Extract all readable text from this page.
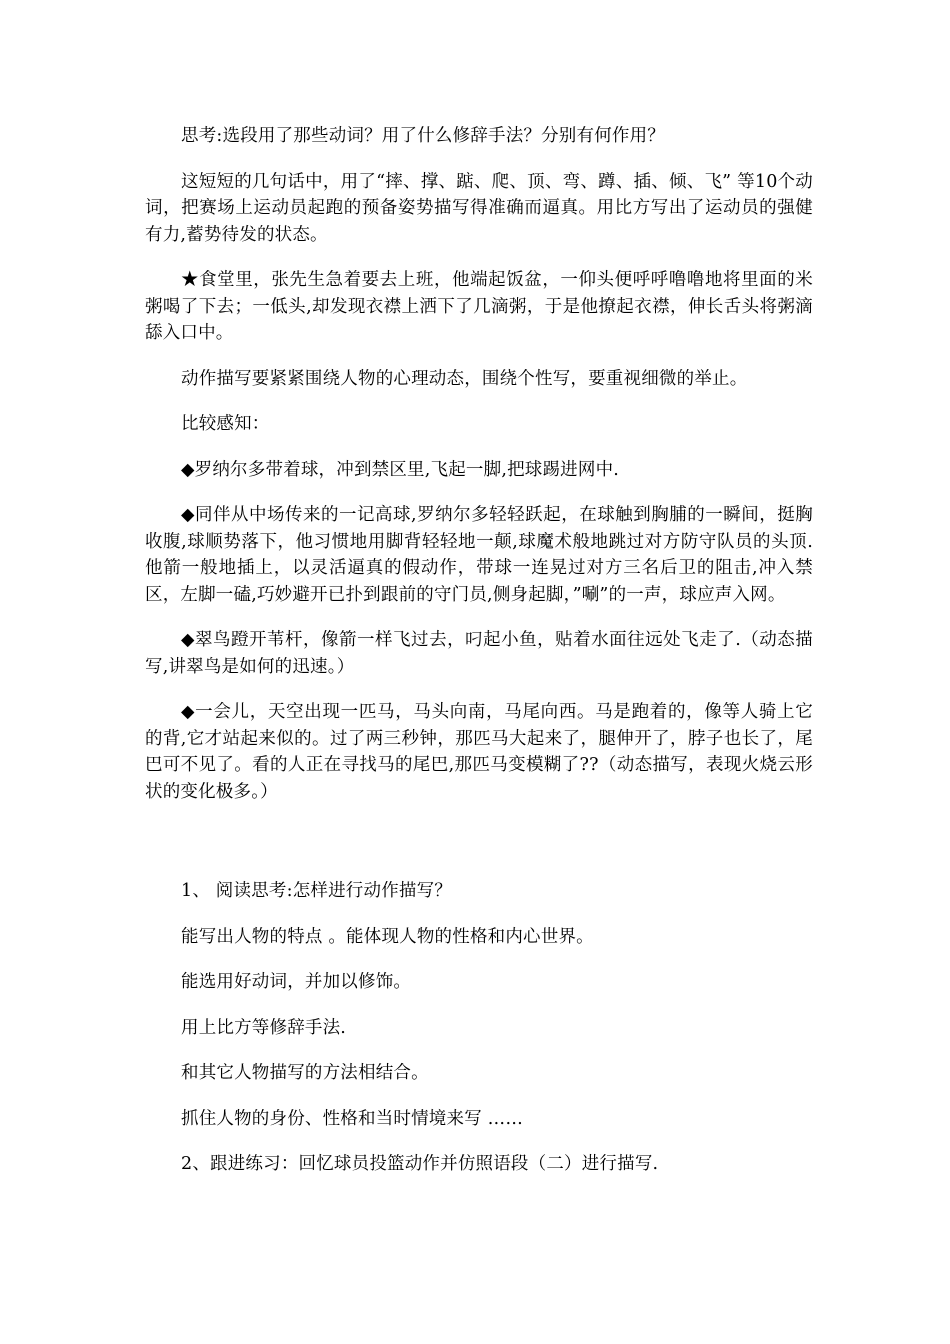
思考:选段用了那些动词？用了什么修辞手法？分别有何作用？

这短短的几句话中，用了“摔、撑、踮、爬、顶、弯、蹲、插、倾、飞” 等10个动词，把赛场上运动员起跑的预备姿势描写得准确而逼真。用比方写出了运动员的强健有力,蓄势待发的状态。

★食堂里，张先生急着要去上班，他端起饭盆，一仰头便呼呼噜噜地将里面的米粥喝了下去；一低头,却发现衣襟上洒下了几滴粥，于是他撩起衣襟，伸长舌头将粥滴舔入口中。

动作描写要紧紧围绕人物的心理动态，围绕个性写，要重视细微的举止。

比较感知：

◆罗纳尔多带着球，冲到禁区里,飞起一脚,把球踢进网中.

◆同伴从中场传来的一记高球,罗纳尔多轻轻跃起，在球触到胸脯的一瞬间，挺胸收腹,球顺势落下，他习惯地用脚背轻轻地一颠,球魔术般地跳过对方防守队员的头顶.他箭一般地插上，以灵活逼真的假动作，带球一连晃过对方三名后卫的阻击,冲入禁区，左脚一磕,巧妙避开已扑到跟前的守门员,侧身起脚，”唰”的一声，球应声入网。

◆翠鸟蹬开苇杆，像箭一样飞过去，叼起小鱼，贴着水面往远处飞走了.（动态描写,讲翠鸟是如何的迅速。）

◆一会儿，天空出现一匹马，马头向南，马尾向西。马是跑着的，像等人骑上它的背,它才站起来似的。过了两三秒钟，那匹马大起来了，腿伸开了，脖子也长了，尾巴可不见了。看的人正在寻找马的尾巴,那匹马变模糊了??（动态描写，表现火烧云形状的变化极多。）

1、 阅读思考:怎样进行动作描写？

能写出人物的特点 。能体现人物的性格和内心世界。

能选用好动词，并加以修饰。

用上比方等修辞手法.

和其它人物描写的方法相结合。

抓住人物的身份、性格和当时情境来写 ……

2、跟进练习：回忆球员投篮动作并仿照语段（二）进行描写.
